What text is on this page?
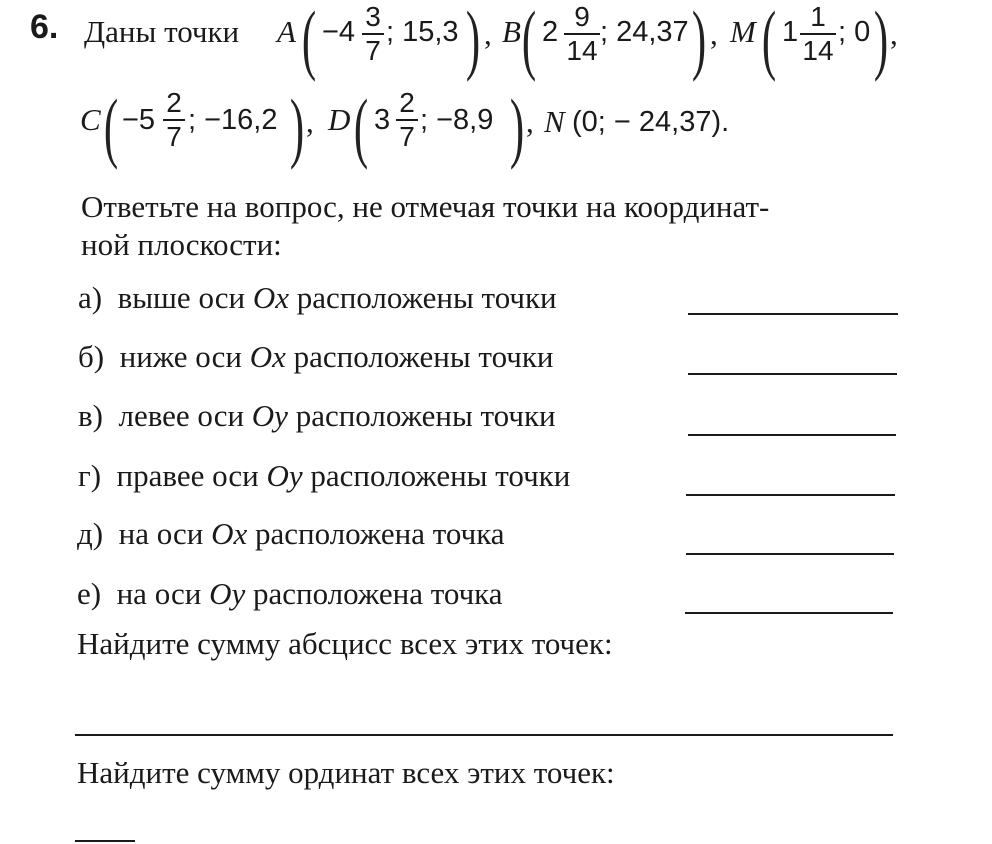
6. Даны точки A ( −4 3
7
; 15,3 ) , B ( 2 9
14
; 24,37 ) , M ( 1 1
14
; 0 ) ,
C ( −5
2
7
; −16,2 ) , D ( 3
2
7
; −8,9 ) , N (0; − 24,37).
Ответьте на вопрос, не отмечая точки на координат-
ной плоскости:
а) выше оси Ox расположены точки
б) ниже оси Ox расположены точки
в) левее оси Oy расположены точки
г) правее оси Oy расположены точки
д) на оси Ox расположена точка
е) на оси Oy расположена точка
Найдите сумму абсцисс всех этих точек:
Найдите сумму ординат всех этих точек:
